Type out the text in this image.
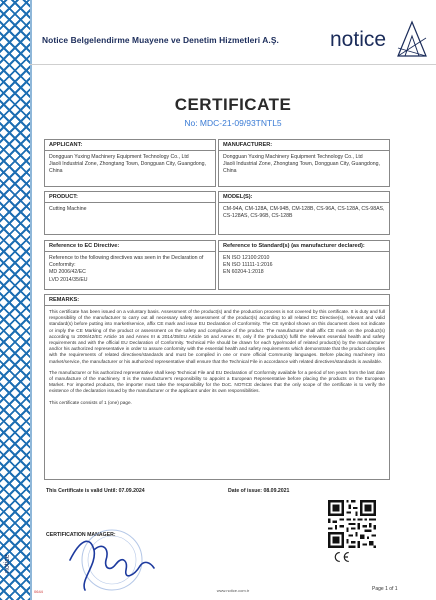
Notice Belgelendirme Muayene ve Denetim Hizmetleri A.Ş. notice
CERTIFICATE
No: MDC-21-09/93TNTL5
APPLICANT:
Dongguan Yuxing Machinery Equipment Technology Co., Ltd
Jiaoli Industrial Zone, Zhongtang Town, Dongguan City, Guangdong, China
MANUFACTURER:
Dongguan Yuxing Machinery Equipment Technology Co., Ltd
Jiaoli Industrial Zone, Zhongtang Town, Dongguan City, Guangdong, China
PRODUCT:
Cutting Machine
MODEL(S):
CM-94A, CM-128A, CM-94B, CM-128B, CS-96A, CS-128A, CS-98AS, CS-128AS, CS-96B, CS-128B
Reference to EC Directive:
Reference to the following directives was seen in the Declaration of Conformity:
MD 2006/42/EC
LVD 2014/35/EU
Reference to Standard(s) (as manufacturer declared):
EN ISO 12100:2010
EN ISO 11111-1:2016
EN 60204-1:2018
REMARKS:

This certificate has been issued on a voluntary basis. Assessment of the product(s) and the production process is not covered by this certificate. It is duty and full responsibility of the manufacturer to carry out all necessary safety assessment of the product(s) according to all related EC Directive(s), relevant and valid standard(s) before putting into market/service, affix CE mark and issue EU Declaration of Conformity. The CE symbol shown on this document does not indicate or imply the CE Marking of the product or assessment on the safety and compliance of the product. The manufacturer shall affix CE mark on the product(s) according to 2006/42/EC Article 16 and Annex III & 2014/35/EU Article 16 and Annex III, only if the product(s) fulfil the relevant essential health and safety requirements and with the official EU Declaration of Conformity. Technical File should be drawn for each type/model of related product(s) by the manufacturer and/or his authorized representative in order to assure conformity with the essential health and safety requirements which demonstrate that the product complies with the requirements of related directives/standards and must be compiled in one or more official Community languages. Before placing machinery into market/service, the manufacturer or his authorized representative shall ensure that the Technical File in accordance with related directives/standards is available.

The manufacturer or his authorized representative shall keep Technical File and EU Declaration of Conformity available for a period of ten years from the last date of manufacture of the machinery. It is the manufacturer's responsibility to appoint a European Representative before placing the products on the European Market. For imported products, the importer must take the responsibility for the DoC. NOTICE declares that the only scope of the certificate is to verify the existence of the declaration issued by the manufacturer or the applicant under its own responsibilities.

This certificate consists of 1 (one) page.

This Certificate is valid Until: 07.09.2024	Date of issue: 08.09.2021
CERTIFICATION MANAGER:
www.notice.com.tr	Page 1 of 1
notice
0644
